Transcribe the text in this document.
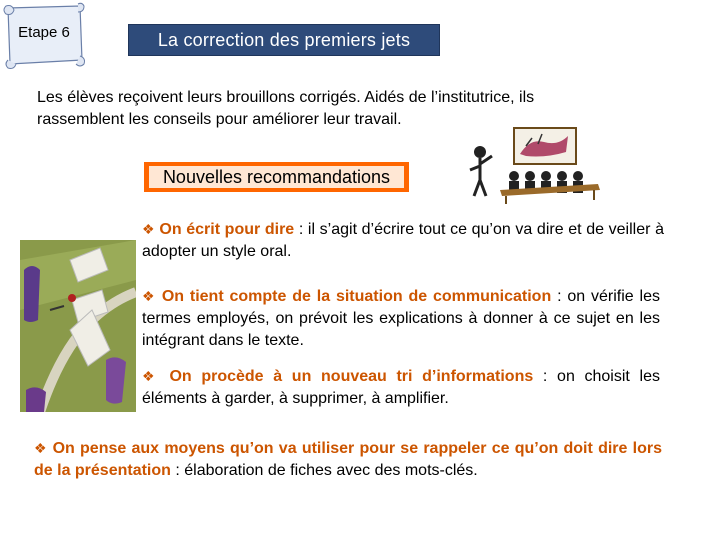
Etape 6	La correction des premiers jets
Les élèves reçoivent leurs brouillons corrigés. Aidés de l’institutrice, ils rassemblent les conseils pour améliorer leur travail.
Nouvelles recommandations
❖ On écrit pour dire : il s’agit d’écrire tout ce qu’on va dire et de veiller à adopter un style oral.
❖ On tient compte de la situation de communication : on vérifie les termes employés, on prévoit les explications à donner à ce sujet en les intégrant dans le texte.
❖ On procède à un nouveau tri d’informations : on choisit les éléments à garder, à supprimer, à amplifier.
❖ On pense aux moyens qu’on va utiliser pour se rappeler ce qu’on doit dire lors de la présentation : élaboration de fiches avec des mots-clés.
